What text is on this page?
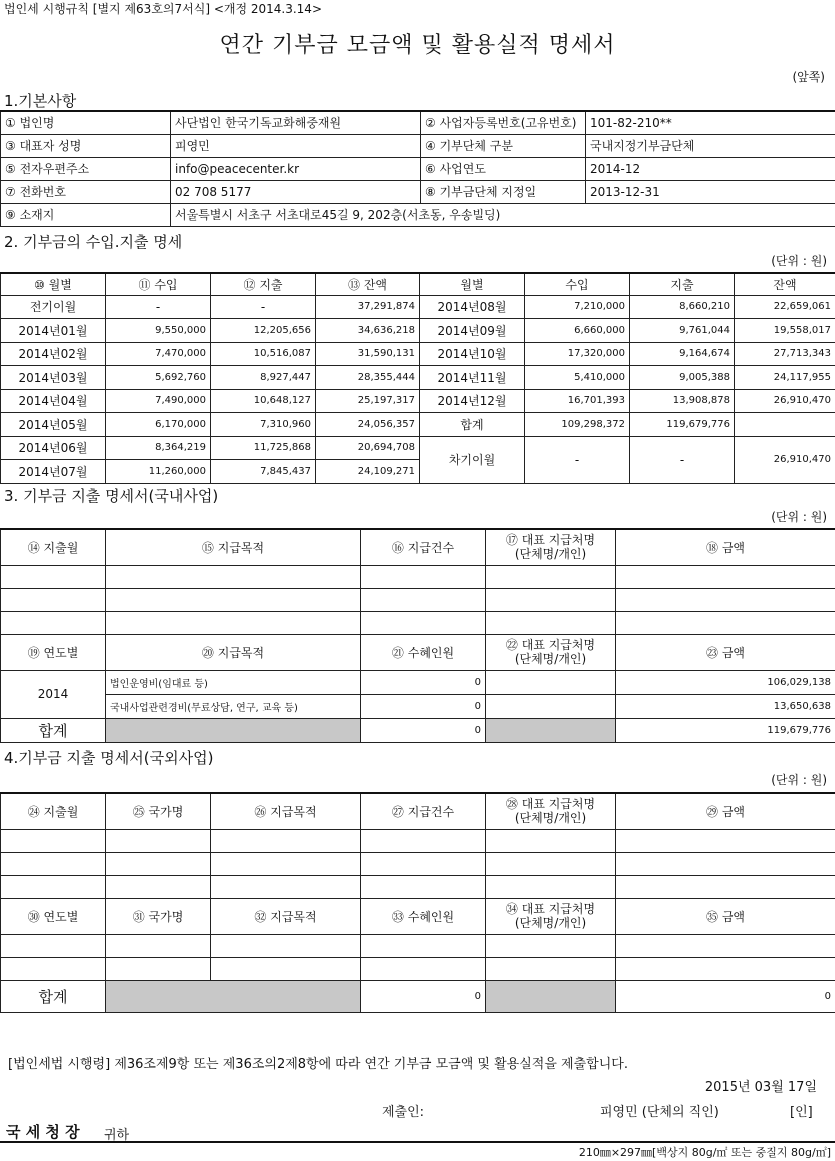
법인세 시행규칙 [별지 제63호의7서식] <개정 2014.3.14>
연간 기부금 모금액 및 활용실적 명세서
(앞쪽)
1.기본사항
① 법인명	사단법인 한국기독교화해중재원	② 사업자등록번호(고유번호)	101-82-210**
③ 대표자 성명	피영민	④ 기부단체 구분	국내지정기부금단체
⑤ 전자우편주소	info@peacecenter.kr	⑥ 사업연도	2014-12
⑦ 전화번호	02 708 5177	⑧ 기부금단체 지정일	2013-12-31
⑨ 소재지	서울특별시 서초구 서초대로45길 9, 202층(서초동, 우송빌딩)		
2. 기부금의 수입.지출 명세
(단위 : 원)
⑩ 월별	⑪ 수입	⑫ 지출	⑬ 잔액	월별	수입	지출	잔액
전기이월	-	-	37,291,874	2014년08월	7,210,000	8,660,210	22,659,061
2014년01월	9,550,000	12,205,656	34,636,218	2014년09월	6,660,000	9,761,044	19,558,017
2014년02월	7,470,000	10,516,087	31,590,131	2014년10월	17,320,000	9,164,674	27,713,343
2014년03월	5,692,760	8,927,447	28,355,444	2014년11월	5,410,000	9,005,388	24,117,955
2014년04월	7,490,000	10,648,127	25,197,317	2014년12월	16,701,393	13,908,878	26,910,470
2014년05월	6,170,000	7,310,960	24,056,357	합계	109,298,372	119,679,776	
2014년06월	8,364,219	11,725,868	20,694,708	차기이월	-	-	26,910,470
2014년07월	11,260,000	7,845,437	24,109,271				
3. 기부금 지출 명세서(국내사업)
(단위 : 원)
⑭ 지출월	⑮ 지급목적	⑯ 지급건수	⑰ 대표 지급처명
(단체명/개인)	⑱ 금액

⑲ 연도별	⑳ 지급목적	㉑ 수혜인원	㉒ 대표 지급처명
(단체명/개인)	㉓ 금액
2014	법인운영비(임대료 등)	0		106,029,138
	국내사업관련경비(무료상담, 연구, 교육 등)	0		13,650,638
합계		0		119,679,776
4.기부금 지출 명세서(국외사업)
(단위 : 원)
㉔ 지출월	㉕ 국가명	㉖ 지급목적	㉗ 지급건수	㉘ 대표 지급처명
(단체명/개인)	㉙ 금액

㉚ 연도별	㉛ 국가명	㉜ 지급목적	㉝ 수혜인원	㉞ 대표 지급처명
(단체명/개인)	㉟ 금액

합계			0		0
[법인세법 시행령] 제36조제9항 또는 제36조의2제8항에 따라 연간 기부금 모금액 및 활용실적을 제출합니다.
2015년 03월 17일
제출인:	피영민 (단체의 직인)	[인]
국 세 청 장 귀하
210㎜×297㎜[백상지 80g/㎡ 또는 중질지 80g/㎡]
